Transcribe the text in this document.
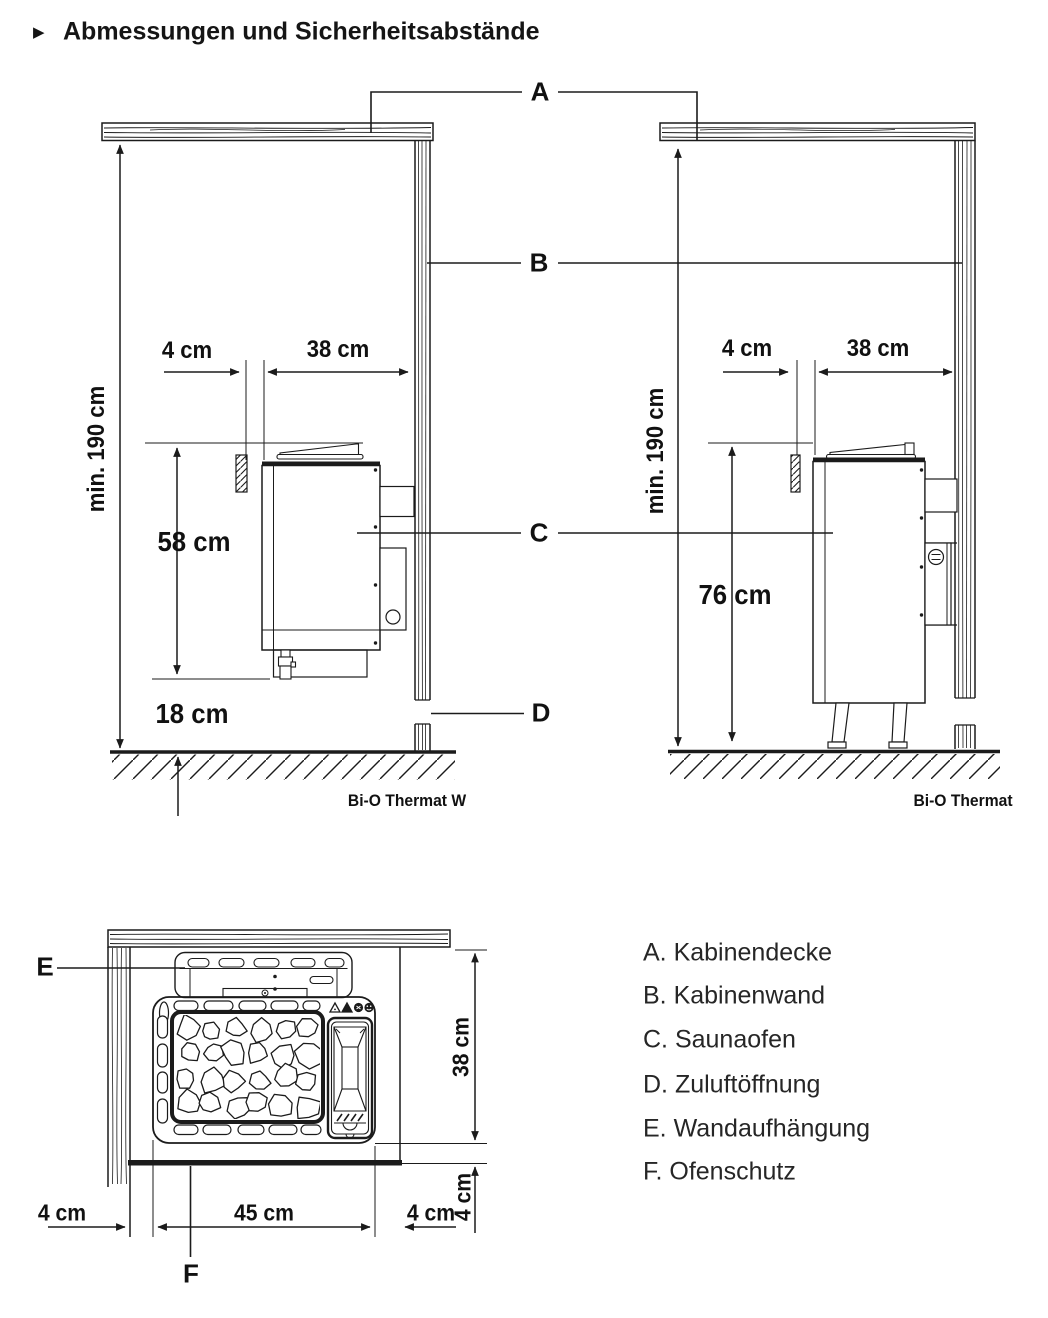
▶ Abmessungen und Sicherheitsabstände
min. 190 cm
4 cm	38 cm
58 cm
18 cm
Bi-O Thermat W
min. 190 cm
4 cm	38 cm
76 cm
Bi-O Thermat
A
B
C
D
E
F
38 cm
4 cm
45 cm
4 cm	4 cm
A. Kabinendecke
B. Kabinenwand
C. Saunaofen
D. Zuluftöffnung
E. Wandaufhängung
F. Ofenschutz
